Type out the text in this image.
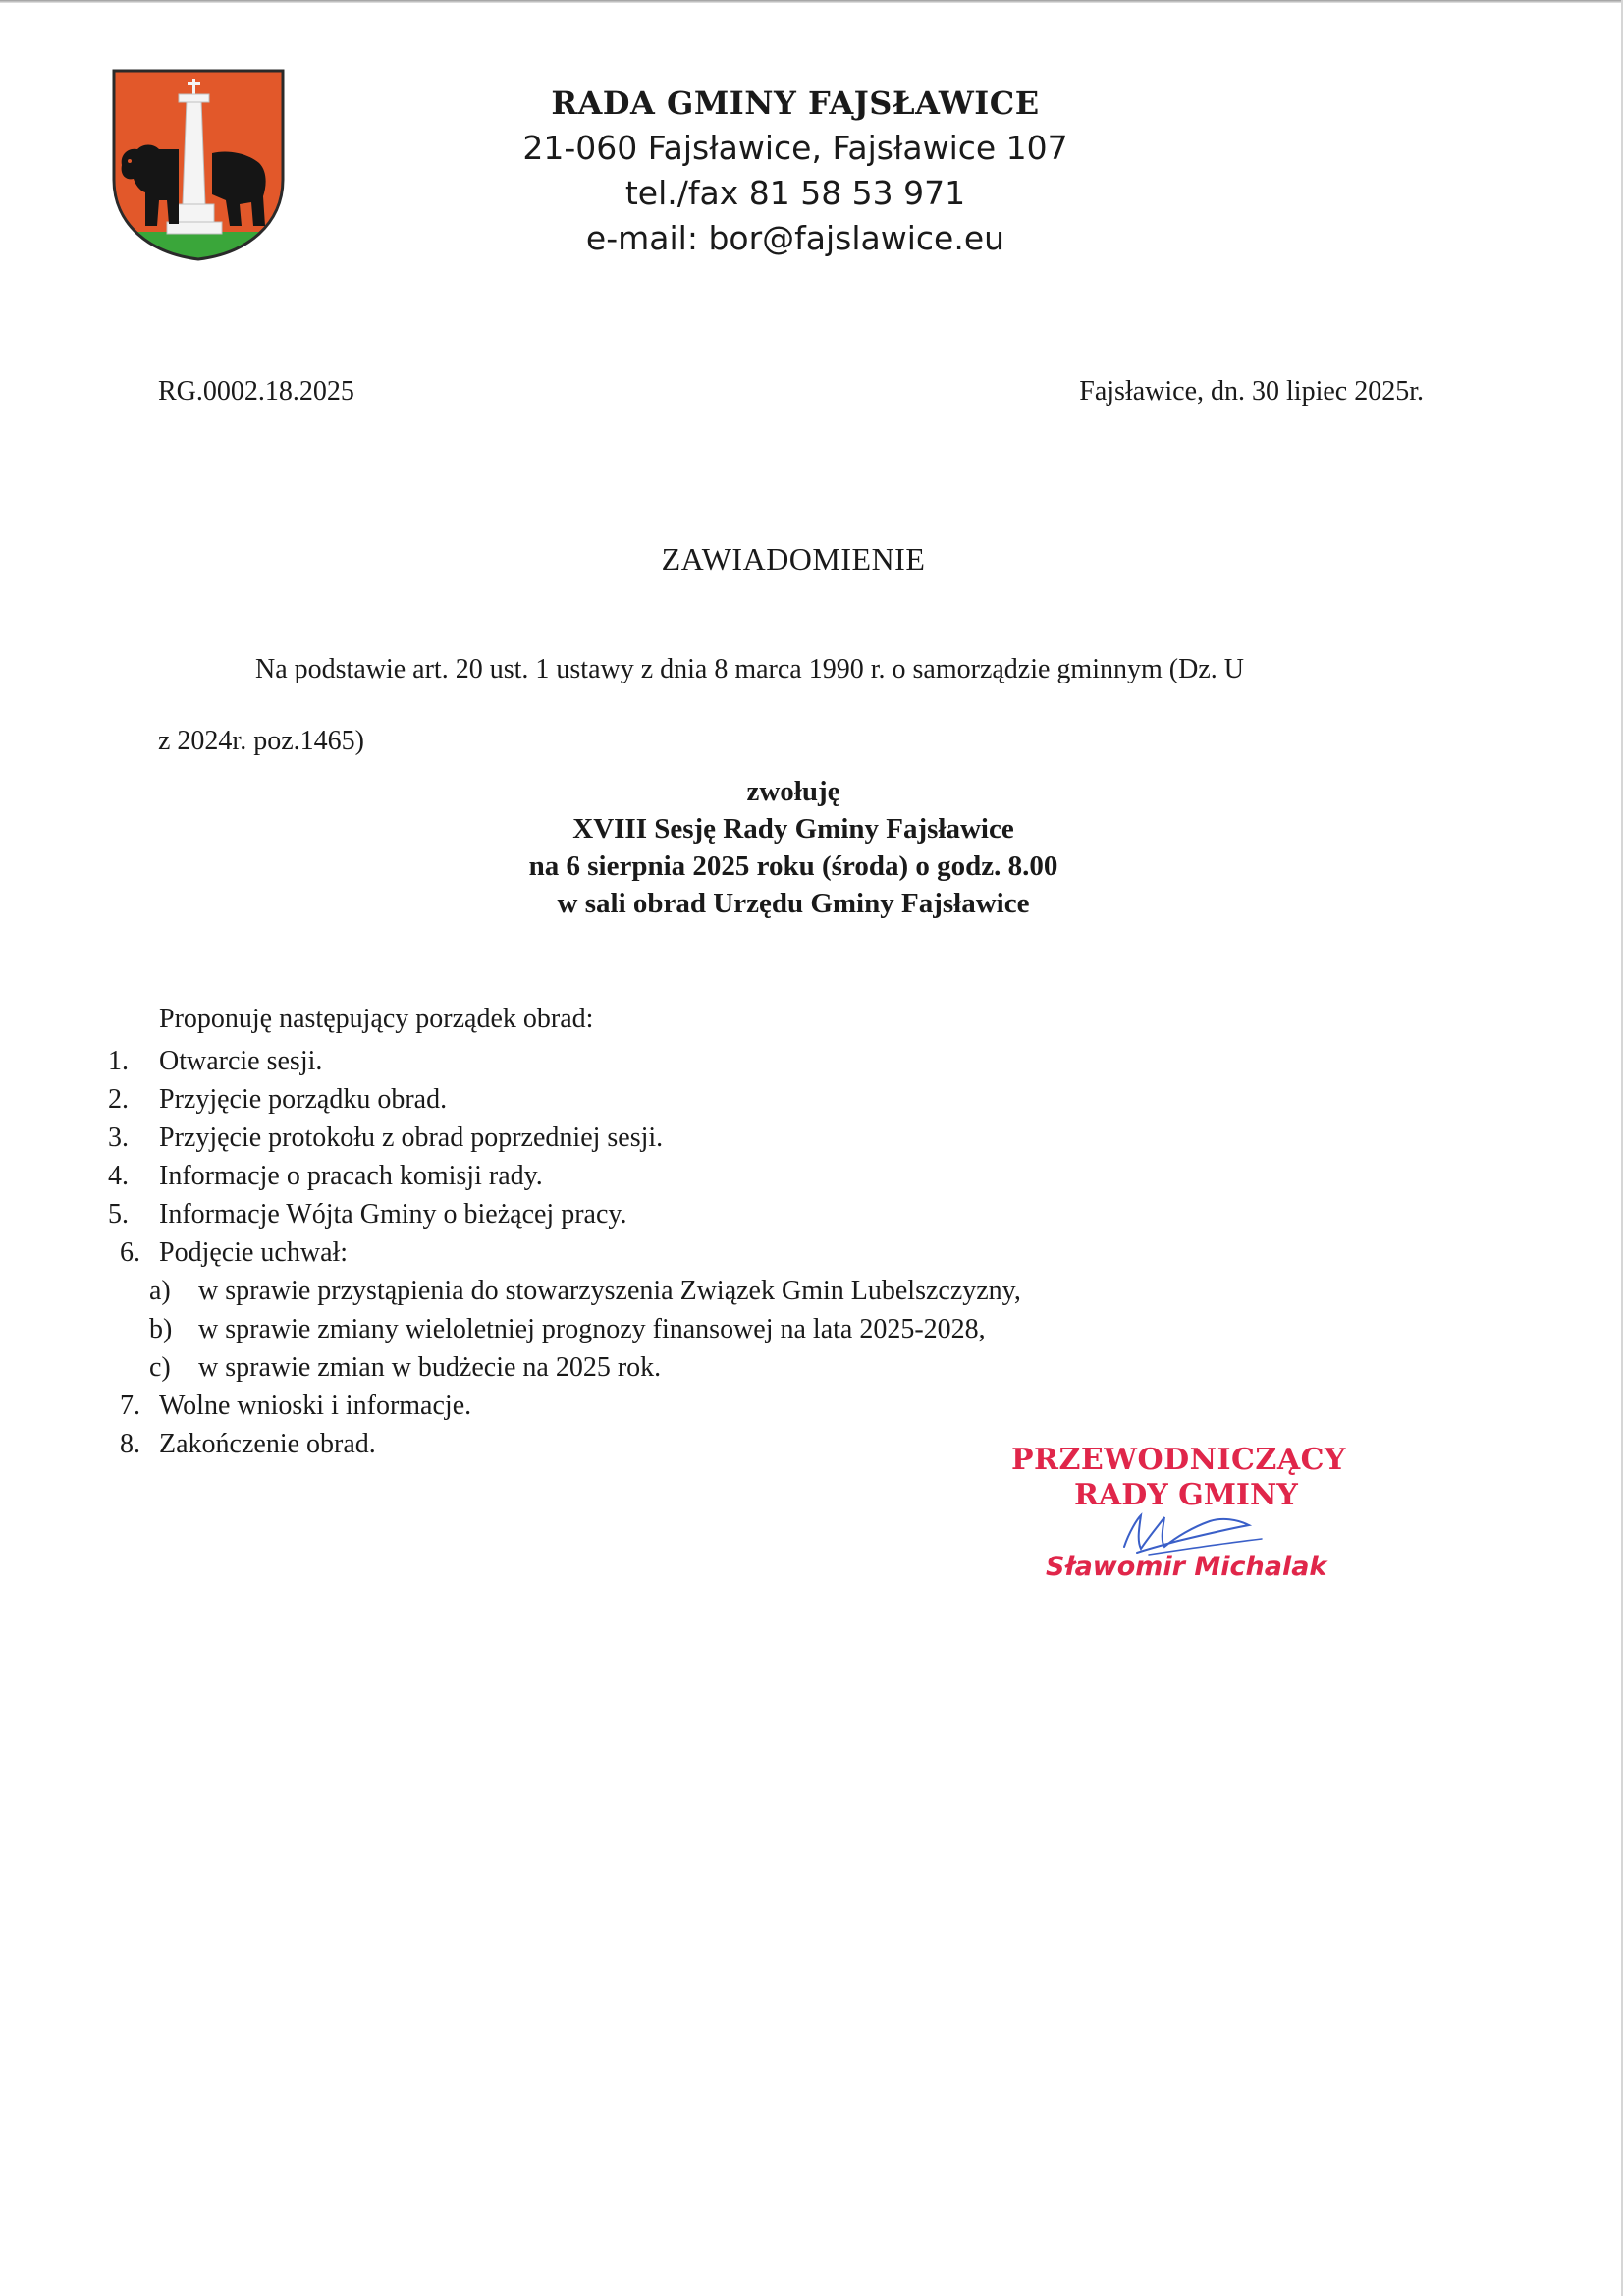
RADA GMINY FAJSŁAWICE
21-060 Fajsławice, Fajsławice 107
tel./fax 81 58 53 971
e-mail: bor@fajslawice.eu
RG.0002.18.2025	Fajsławice, dn. 30 lipiec 2025r.
ZAWIADOMIENIE
Na podstawie art. 20 ust. 1 ustawy z dnia 8 marca 1990 r. o samorządzie gminnym (Dz. U
z 2024r. poz.1465)
zwołuję
XVIII Sesję Rady Gminy Fajsławice
na 6 sierpnia 2025 roku (środa) o godz. 8.00
w sali obrad Urzędu Gminy Fajsławice
Proponuję następujący porządek obrad:
1. Otwarcie sesji.
2. Przyjęcie porządku obrad.
3. Przyjęcie protokołu z obrad poprzedniej sesji.
4. Informacje o pracach komisji rady.
5. Informacje Wójta Gminy o bieżącej pracy.
6. Podjęcie uchwał:
a) w sprawie przystąpienia do stowarzyszenia Związek Gmin Lubelszczyzny,
b) w sprawie zmiany wieloletniej prognozy finansowej na lata 2025-2028,
c) w sprawie zmian w budżecie na 2025 rok.
7. Wolne wnioski i informacje.
8. Zakończenie obrad.	PRZEWODNICZĄCY
RADY GMINY
Sławomir Michalak
